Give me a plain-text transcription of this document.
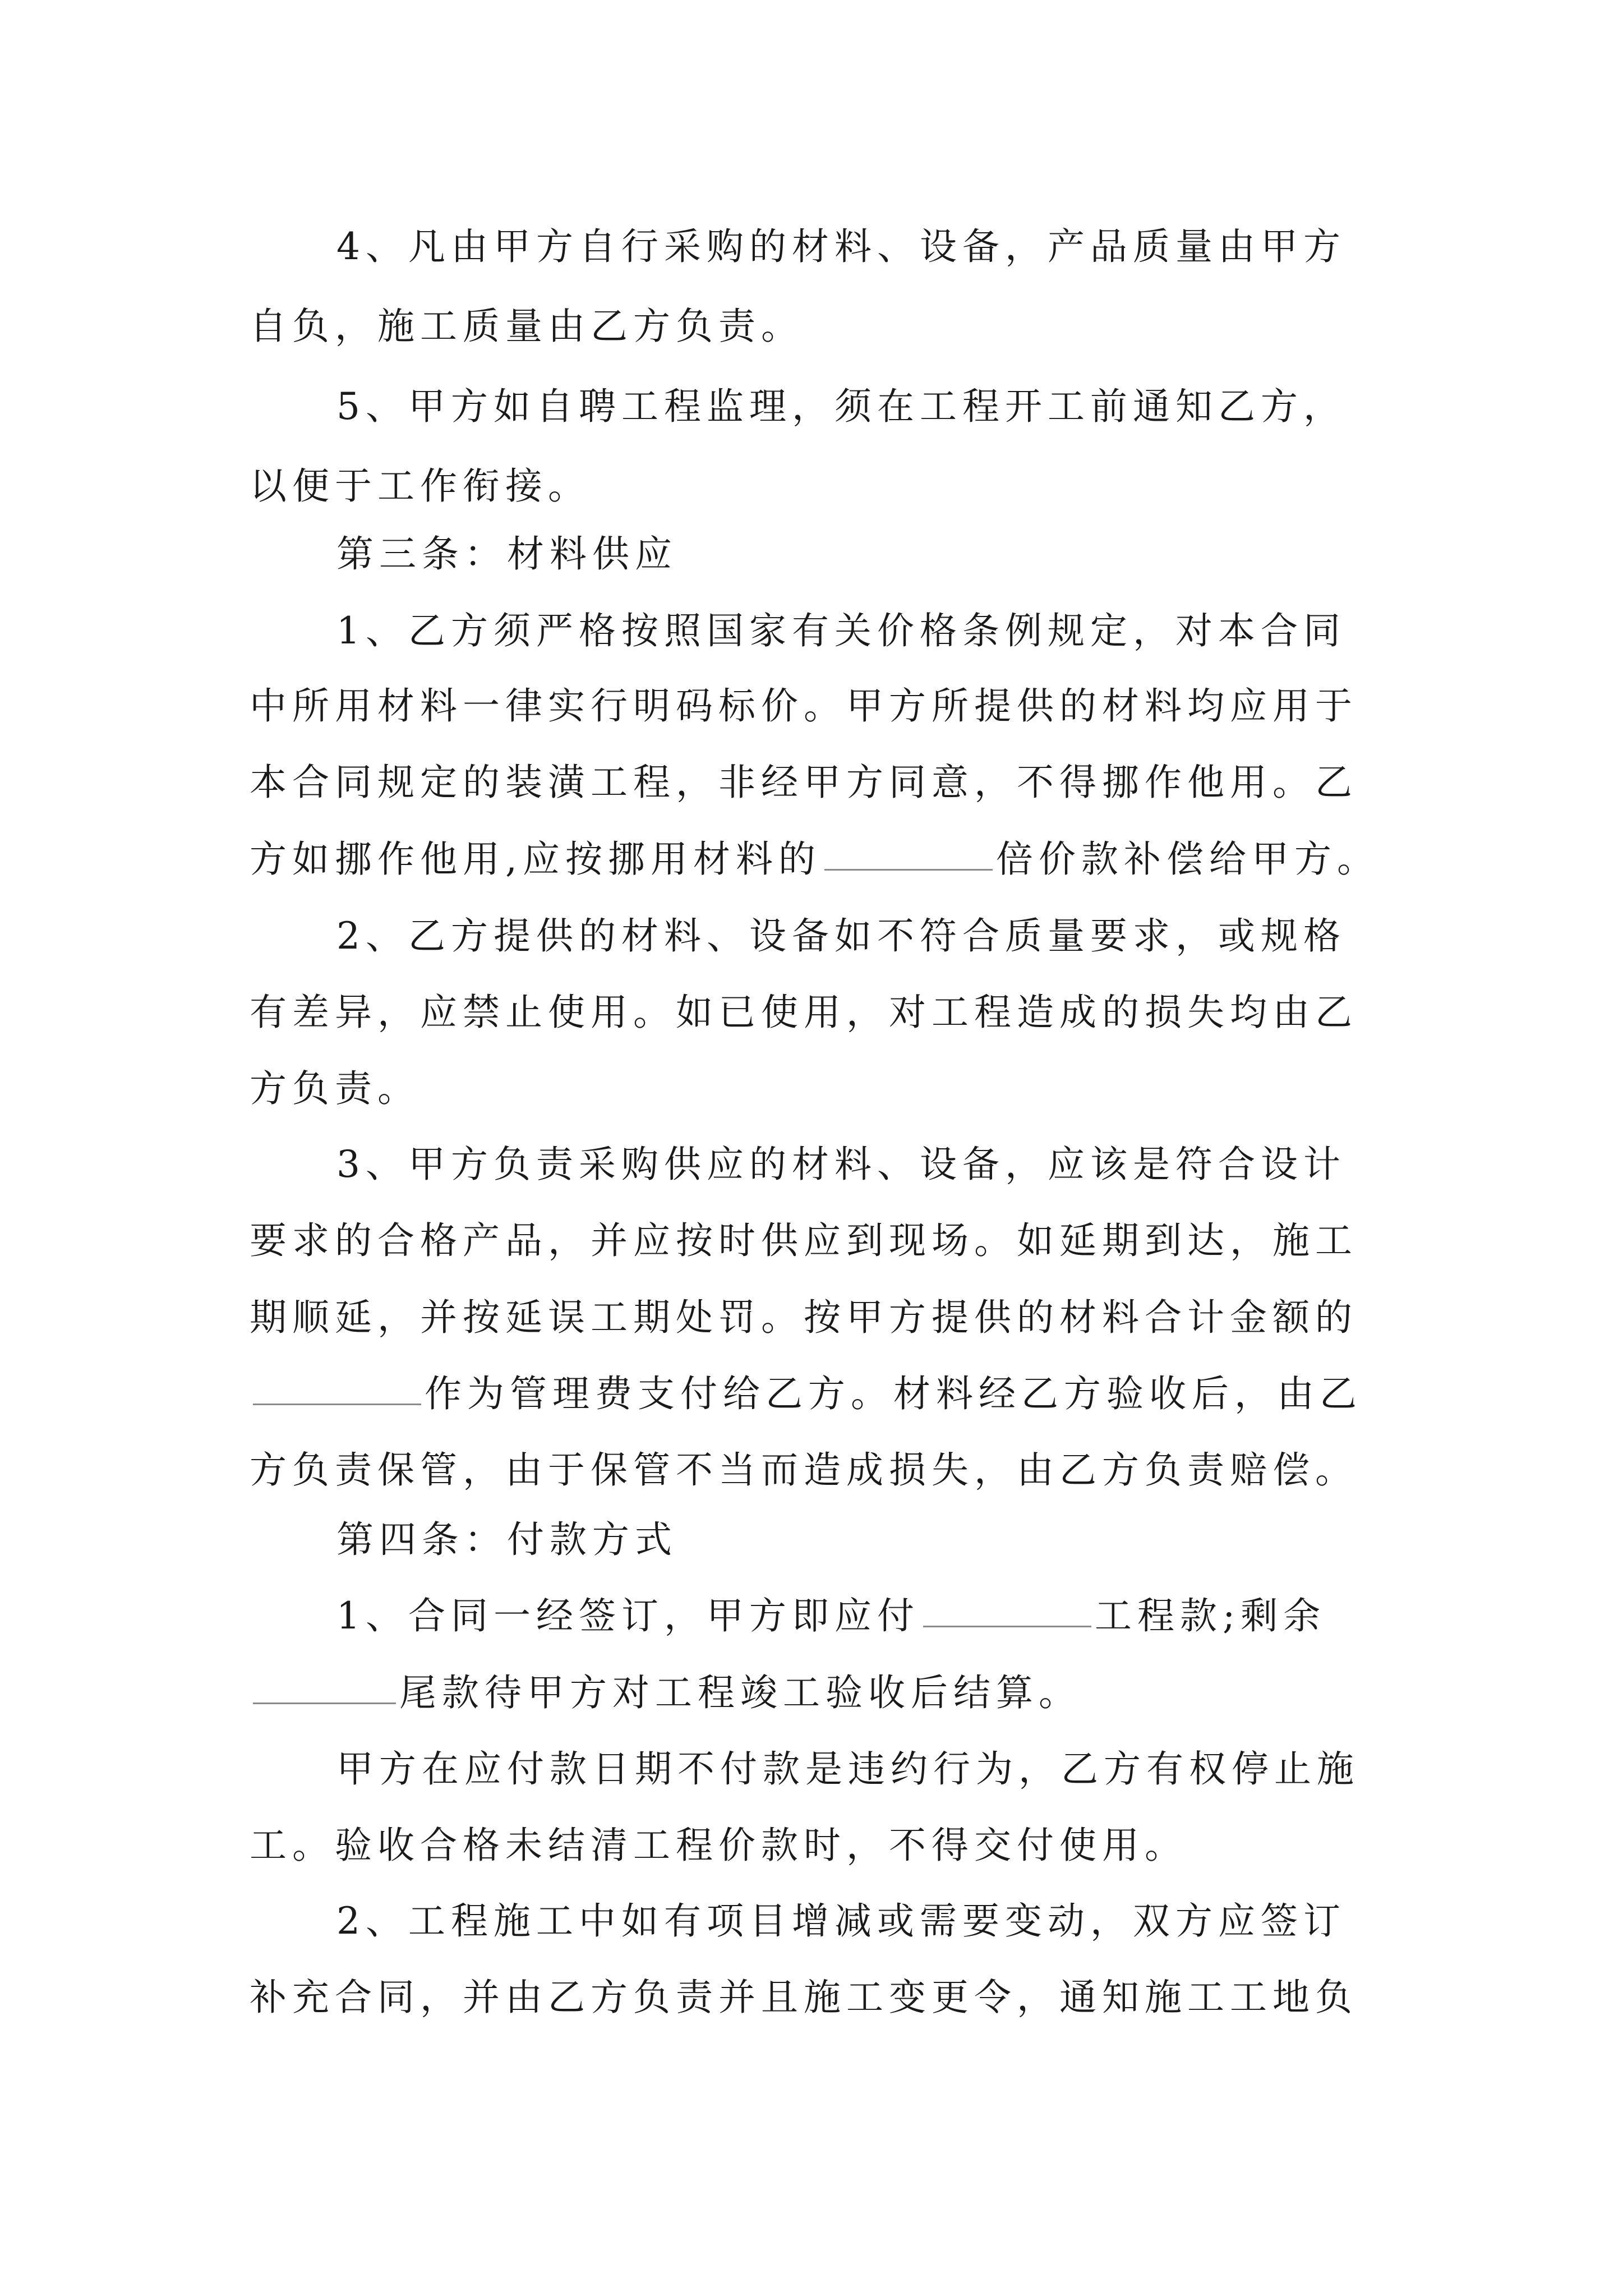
4、凡由甲方自行采购的材料、设备，产品质量由甲方
自负，施工质量由乙方负责。
5、甲方如自聘工程监理，须在工程开工前通知乙方，
以便于工作衔接。
第三条：材料供应
1、乙方须严格按照国家有关价格条例规定，对本合同
中所用材料一律实行明码标价。甲方所提供的材料均应用于
本合同规定的装潢工程，非经甲方同意，不得挪作他用。乙
方如挪作他用,应按挪用材料的	倍价款补偿给甲方。
2、乙方提供的材料、设备如不符合质量要求，或规格
有差异，应禁止使用。如已使用，对工程造成的损失均由乙
方负责。
3、甲方负责采购供应的材料、设备，应该是符合设计
要求的合格产品，并应按时供应到现场。如延期到达，施工
期顺延，并按延误工期处罚。按甲方提供的材料合计金额的
作为管理费支付给乙方。材料经乙方验收后，由乙
方负责保管，由于保管不当而造成损失，由乙方负责赔偿。
第四条：付款方式
1、合同一经签订，甲方即应付	工程款;剩余
尾款待甲方对工程竣工验收后结算。
甲方在应付款日期不付款是违约行为，乙方有权停止施
工。验收合格未结清工程价款时，不得交付使用。
2、工程施工中如有项目增减或需要变动，双方应签订
补充合同，并由乙方负责并且施工变更令，通知施工工地负
